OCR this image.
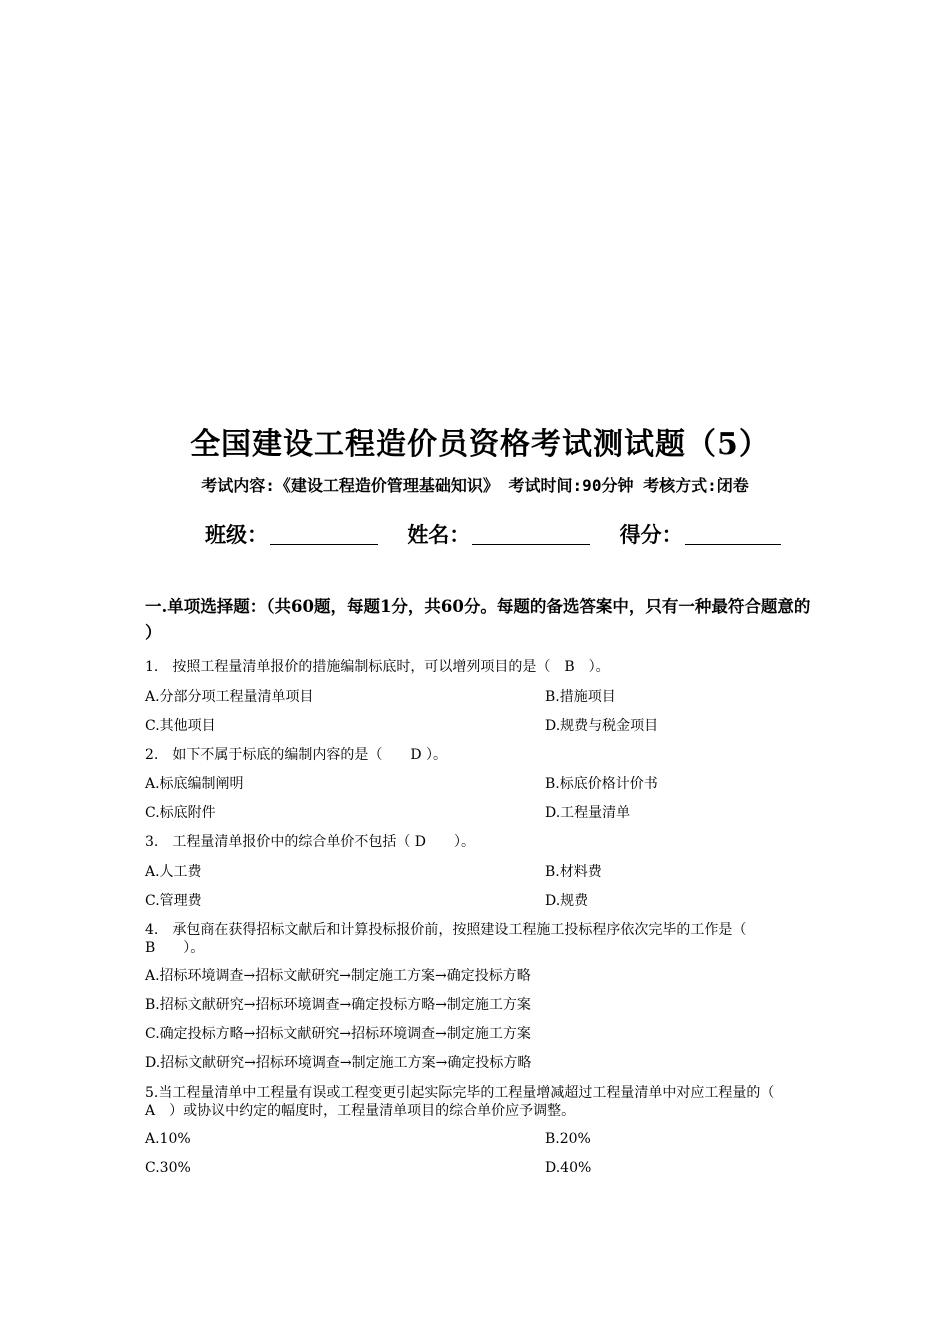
全国建设工程造价员资格考试测试题（5）
考试内容:《建设工程造价管理基础知识》 考试时间:90分钟 考核方式:闭卷
班级：	姓名：	得分：
一.单项选择题：（共60题，每题1分，共60分。每题的备选答案中，只有一种最符合题意的 ）
1.　按照工程量清单报价的措施编制标底时，可以增列项目的是（　B　）。
A.分部分项工程量清单项目	B.措施项目
C.其他项目	D.规费与税金项目
2.　如下不属于标底的编制内容的是（　　D ）。
A.标底编制阐明	B.标底价格计价书
C.标底附件	D.工程量清单
3.　工程量清单报价中的综合单价不包括（ D　　）。
A.人工费	B.材料费
C.管理费	D.规费
4.　承包商在获得招标文献后和计算投标报价前，按照建设工程施工投标程序依次完毕的工作是（　B　　）。
A.招标环境调查→招标文献研究→制定施工方案→确定投标方略
B.招标文献研究→招标环境调查→确定投标方略→制定施工方案
C.确定投标方略→招标文献研究→招标环境调查→制定施工方案
D.招标文献研究→招标环境调查→制定施工方案→确定投标方略
5.当工程量清单中工程量有误或工程变更引起实际完毕的工程量增减超过工程量清单中对应工程量的（　A　）或协议中约定的幅度时，工程量清单项目的综合单价应予调整。
A.10%	B.20%
C.30%	D.40%
